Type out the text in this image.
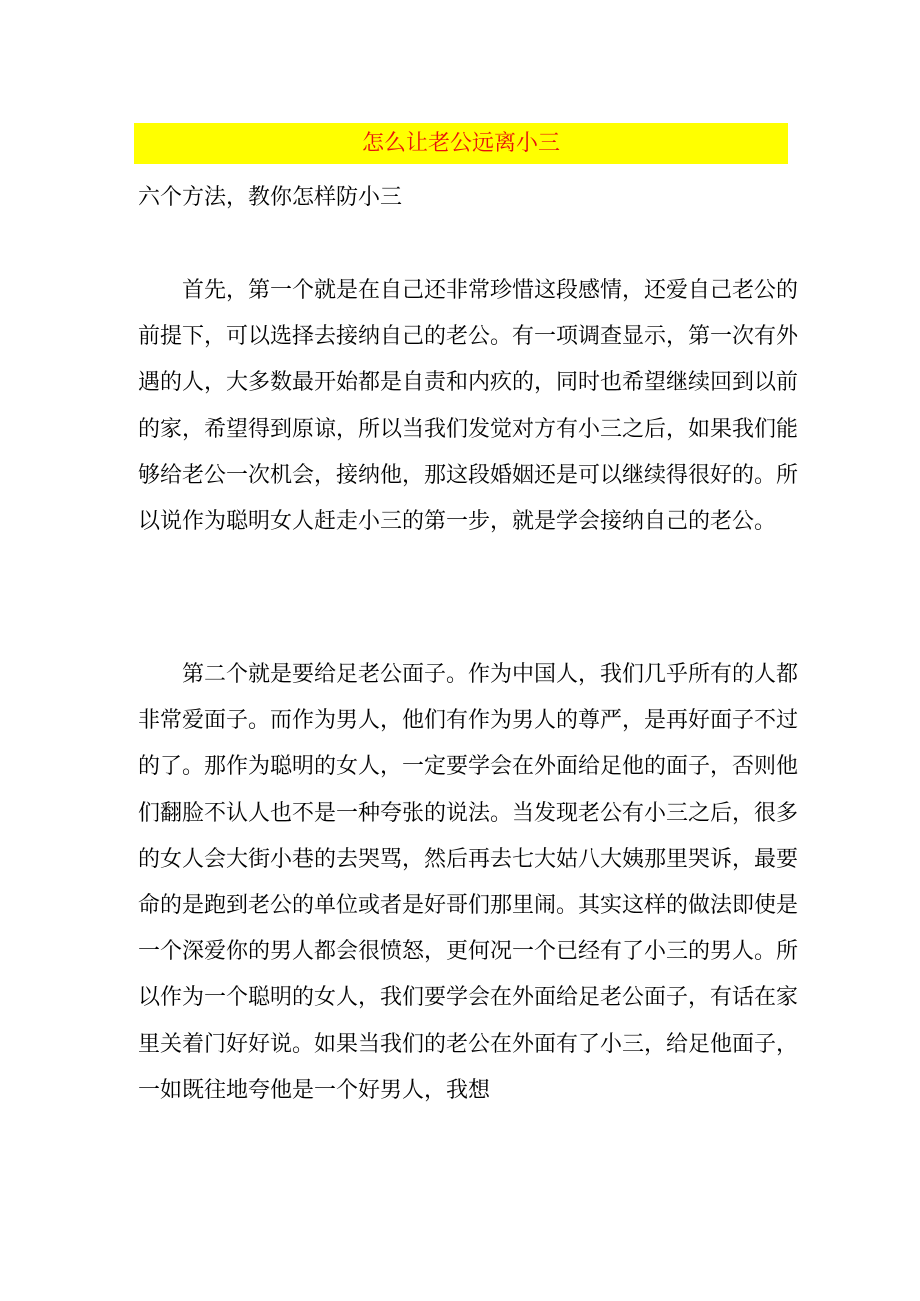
怎么让老公远离小三
六个方法，教你怎样防小三

首先，第一个就是在自己还非常珍惜这段感情，还爱自己老公的前提下，可以选择去接纳自己的老公。有一项调查显示，第一次有外遇的人，大多数最开始都是自责和内疚的，同时也希望继续回到以前的家，希望得到原谅，所以当我们发觉对方有小三之后，如果我们能够给老公一次机会，接纳他，那这段婚姻还是可以继续得很好的。所以说作为聪明女人赶走小三的第一步，就是学会接纳自己的老公。

第二个就是要给足老公面子。作为中国人，我们几乎所有的人都非常爱面子。而作为男人，他们有作为男人的尊严，是再好面子不过的了。那作为聪明的女人，一定要学会在外面给足他的面子，否则他们翻脸不认人也不是一种夸张的说法。当发现老公有小三之后，很多的女人会大街小巷的去哭骂，然后再去七大姑八大姨那里哭诉，最要命的是跑到老公的单位或者是好哥们那里闹。其实这样的做法即使是一个深爱你的男人都会很愤怒，更何况一个已经有了小三的男人。所以作为一个聪明的女人，我们要学会在外面给足老公面子，有话在家里关着门好好说。如果当我们的老公在外面有了小三，给足他面子，一如既往地夸他是一个好男人，我想
